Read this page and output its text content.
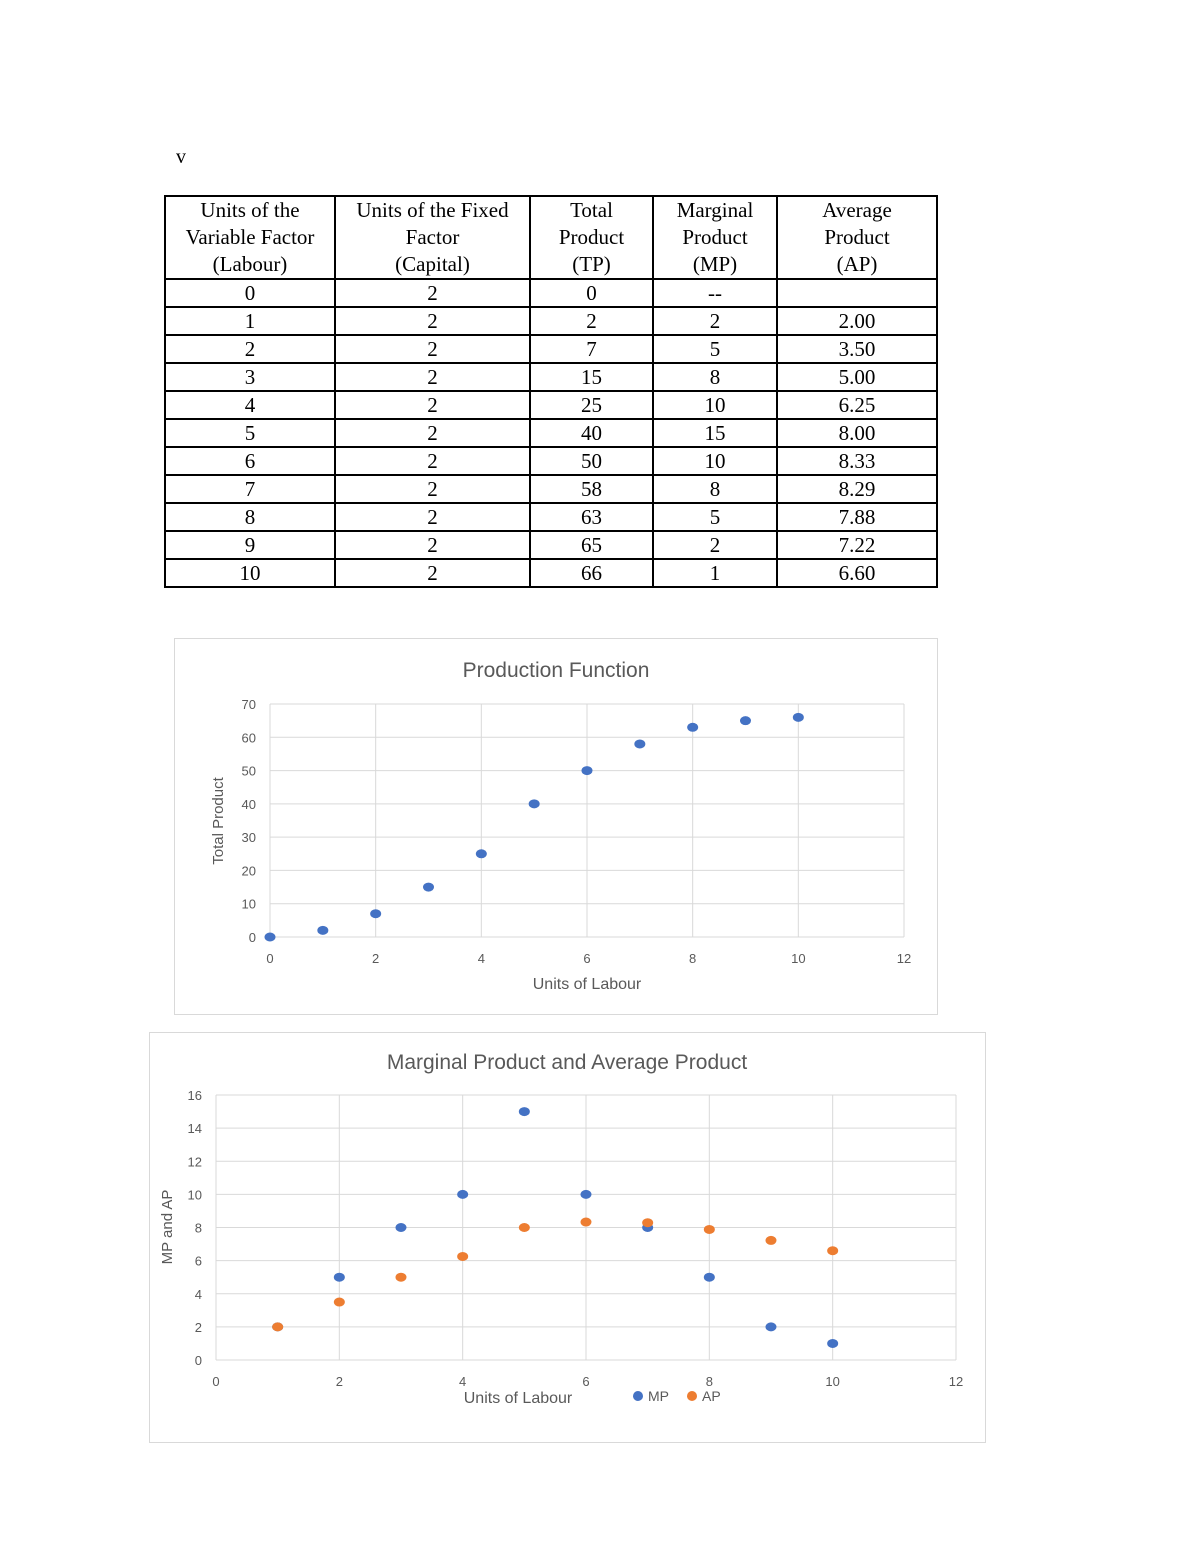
v
Units of the
Variable Factor
(Labour)	Units of the Fixed
Factor
(Capital)	Total
Product
(TP)	Marginal
Product
(MP)	Average
Product
(AP)
0	2	0	--	
1	2	2	2	2.00
2	2	7	5	3.50
3	2	15	8	5.00
4	2	25	10	6.25
5	2	40	15	8.00
6	2	50	10	8.33
7	2	58	8	8.29
8	2	63	5	7.88
9	2	65	2	7.22
10	2	66	1	6.60
Production Function
0
10
20
30
40
50
60
70
0	2	4	6	8	10	12
Units of Labour
Total Product
Marginal Product and Average Product
0
2
4
6
8
10
12
14
16
0	2	4	6	8	10	12
Units of Labour
MP and AP
MP AP
